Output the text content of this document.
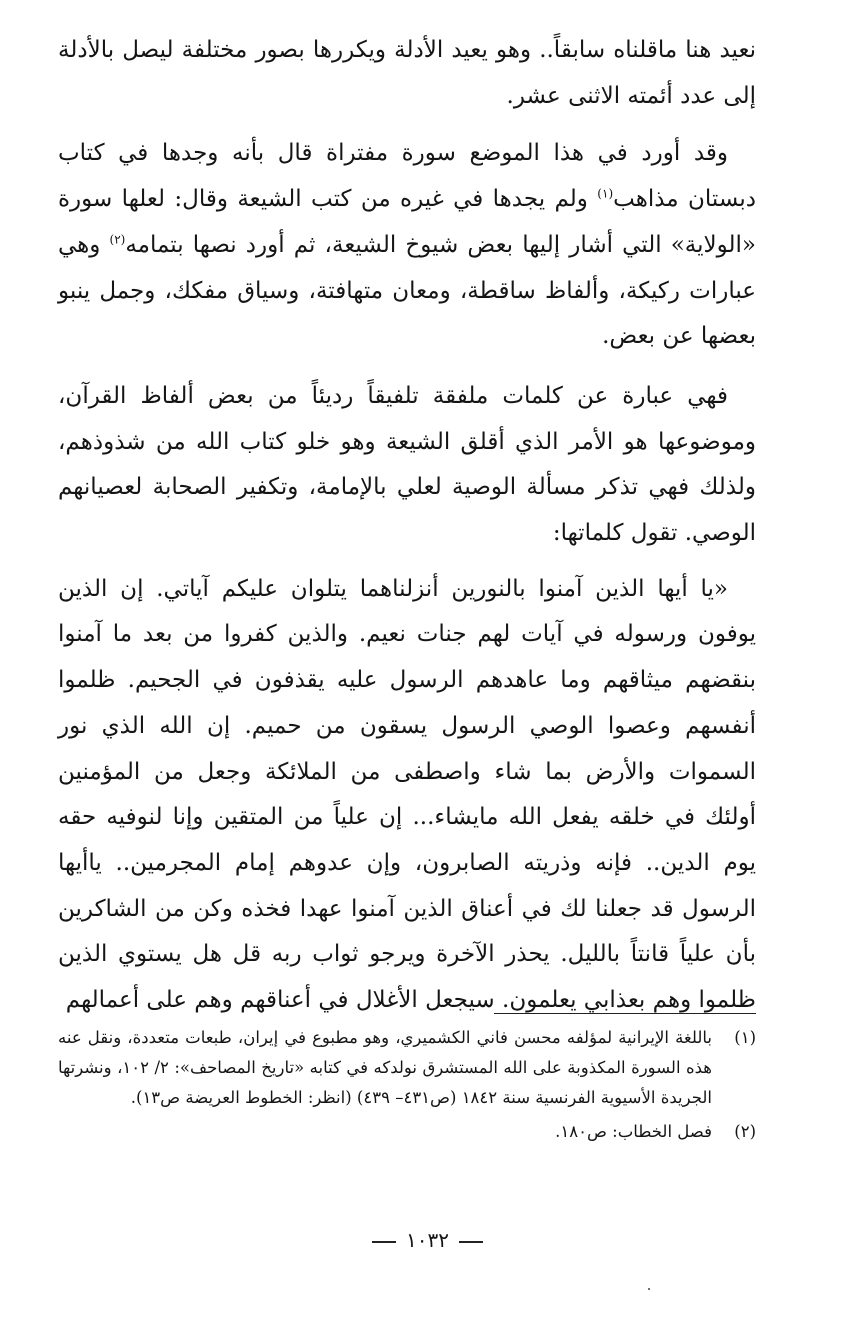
نعيد هنا ماقلناه سابقاً.. وهو يعيد الأدلة ويكررها بصور مختلفة ليصل بالأدلة إلى عدد أئمته الاثنى عشر.

وقد أورد في هذا الموضع سورة مفتراة قال بأنه وجدها في كتاب دبستان مذاهب$^{(١)}$ ولم يجدها في غيره من كتب الشيعة وقال: لعلها سورة «الولاية» التي أشار إليها بعض شيوخ الشيعة، ثم أورد نصها بتمامه$^{(٢)}$ وهي عبارات ركيكة، وألفاظ ساقطة، ومعان متهافتة، وسياق مفكك، وجمل ينبو بعضها عن بعض.

فهي عبارة عن كلمات ملفقة تلفيقاً رديئاً من بعض ألفاظ القرآن، وموضوعها هو الأمر الذي أقلق الشيعة وهو خلو كتاب الله من شذوذهم، ولذلك فهي تذكر مسألة الوصية لعلي بالإمامة، وتكفير الصحابة لعصيانهم الوصي. تقول كلماتها:

«يا أيها الذين آمنوا بالنورين أنزلناهما يتلوان عليكم آياتي. إن الذين يوفون ورسوله في آيات لهم جنات نعيم. والذين كفروا من بعد ما آمنوا بنقضهم ميثاقهم وما عاهدهم الرسول عليه يقذفون في الجحيم. ظلموا أنفسهم وعصوا الوصي الرسول يسقون من حميم. إن الله الذي نور السموات والأرض بما شاء واصطفى من الملائكة وجعل من المؤمنين أولئك في خلقه يفعل الله مايشاء... إن علياً من المتقين وإنا لنوفيه حقه يوم الدين.. فإنه وذريته الصابرون، وإن عدوهم إمام المجرمين.. ياأيها الرسول قد جعلنا لك في أعناق الذين آمنوا عهدا فخذه وكن من الشاكرين بأن علياً قانتاً بالليل. يحذر الآخرة ويرجو ثواب ربه قل هل يستوي الذين ظلموا وهم بعذابي يعلمون. سيجعل الأغلال في أعناقهم وهم على أعمالهم

(١)
باللغة الإيرانية لمؤلفه محسن فاني الكشميري، وهو مطبوع في إيران، طبعات متعددة، ونقل عنه هذه السورة المكذوبة على الله المستشرق نولدكه في كتابه «تاريخ المصاحف»: ٢/ ١٠٢، ونشرتها الجريدة الأسيوية الفرنسية سنة ١٨٤٢ (ص٤٣١– ٤٣٩) (انظر: الخطوط العريضة ص١٣).
(٢)
فصل الخطاب: ص١٨٠.
١٠٣٢
